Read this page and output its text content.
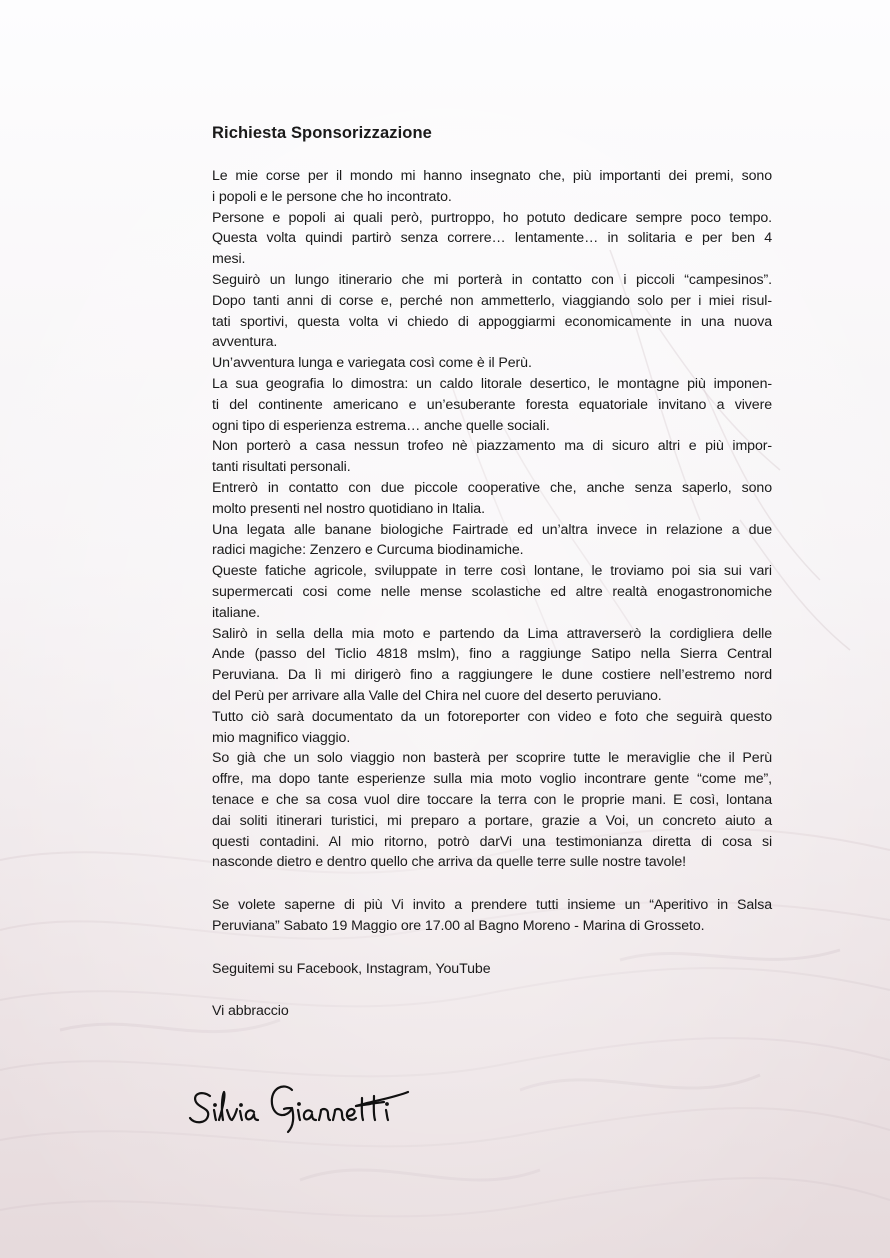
Richiesta Sponsorizzazione
Le mie corse per il mondo mi hanno insegnato che, più importanti dei premi, sono
i popoli e le persone che ho incontrato.
Persone e popoli ai quali però, purtroppo, ho potuto dedicare sempre poco tempo.
Questa volta quindi partirò senza correre… lentamente… in solitaria e per ben 4
mesi.
Seguirò un lungo itinerario che mi porterà in contatto con i piccoli “campesinos”.
Dopo tanti anni di corse e, perché non ammetterlo, viaggiando solo per i miei risul-
tati sportivi, questa volta vi chiedo di appoggiarmi economicamente in una nuova
avventura.
Un’avventura lunga e variegata così come è il Perù.
La sua geografia lo dimostra: un caldo litorale desertico, le montagne più imponen-
ti del continente americano e un’esuberante foresta equatoriale invitano a vivere
ogni tipo di esperienza estrema… anche quelle sociali.
Non porterò a casa nessun trofeo nè piazzamento ma di sicuro altri e più impor-
tanti risultati personali.
Entrerò in contatto con due piccole cooperative che, anche senza saperlo, sono
molto presenti nel nostro quotidiano in Italia.
Una legata alle banane biologiche Fairtrade ed un’altra invece in relazione a due
radici magiche: Zenzero e Curcuma biodinamiche.
Queste fatiche agricole, sviluppate in terre così lontane, le troviamo poi sia sui vari
supermercati cosi come nelle mense scolastiche ed altre realtà enogastronomiche
italiane.
Salirò in sella della mia moto e partendo da Lima attraverserò la cordigliera delle
Ande (passo del Ticlio 4818 mslm), fino a raggiunge Satipo nella Sierra Central
Peruviana. Da lì mi dirigerò fino a raggiungere le dune costiere nell’estremo nord
del Perù per arrivare alla Valle del Chira nel cuore del deserto peruviano.
Tutto ciò sarà documentato da un fotoreporter con video e foto che seguirà questo
mio magnifico viaggio.
So già che un solo viaggio non basterà per scoprire tutte le meraviglie che il Perù
offre, ma dopo tante esperienze sulla mia moto voglio incontrare gente “come me”,
tenace e che sa cosa vuol dire toccare la terra con le proprie mani. E così, lontana
dai soliti itinerari turistici, mi preparo a portare, grazie a Voi, un concreto aiuto a
questi contadini. Al mio ritorno, potrò darVi una testimonianza diretta di cosa si
nasconde dietro e dentro quello che arriva da quelle terre sulle nostre tavole!
Se volete saperne di più Vi invito a prendere tutti insieme un “Aperitivo in Salsa
Peruviana” Sabato 19 Maggio ore 17.00 al Bagno Moreno - Marina di Grosseto.
Seguitemi su Facebook, Instagram, YouTube
Vi abbraccio
